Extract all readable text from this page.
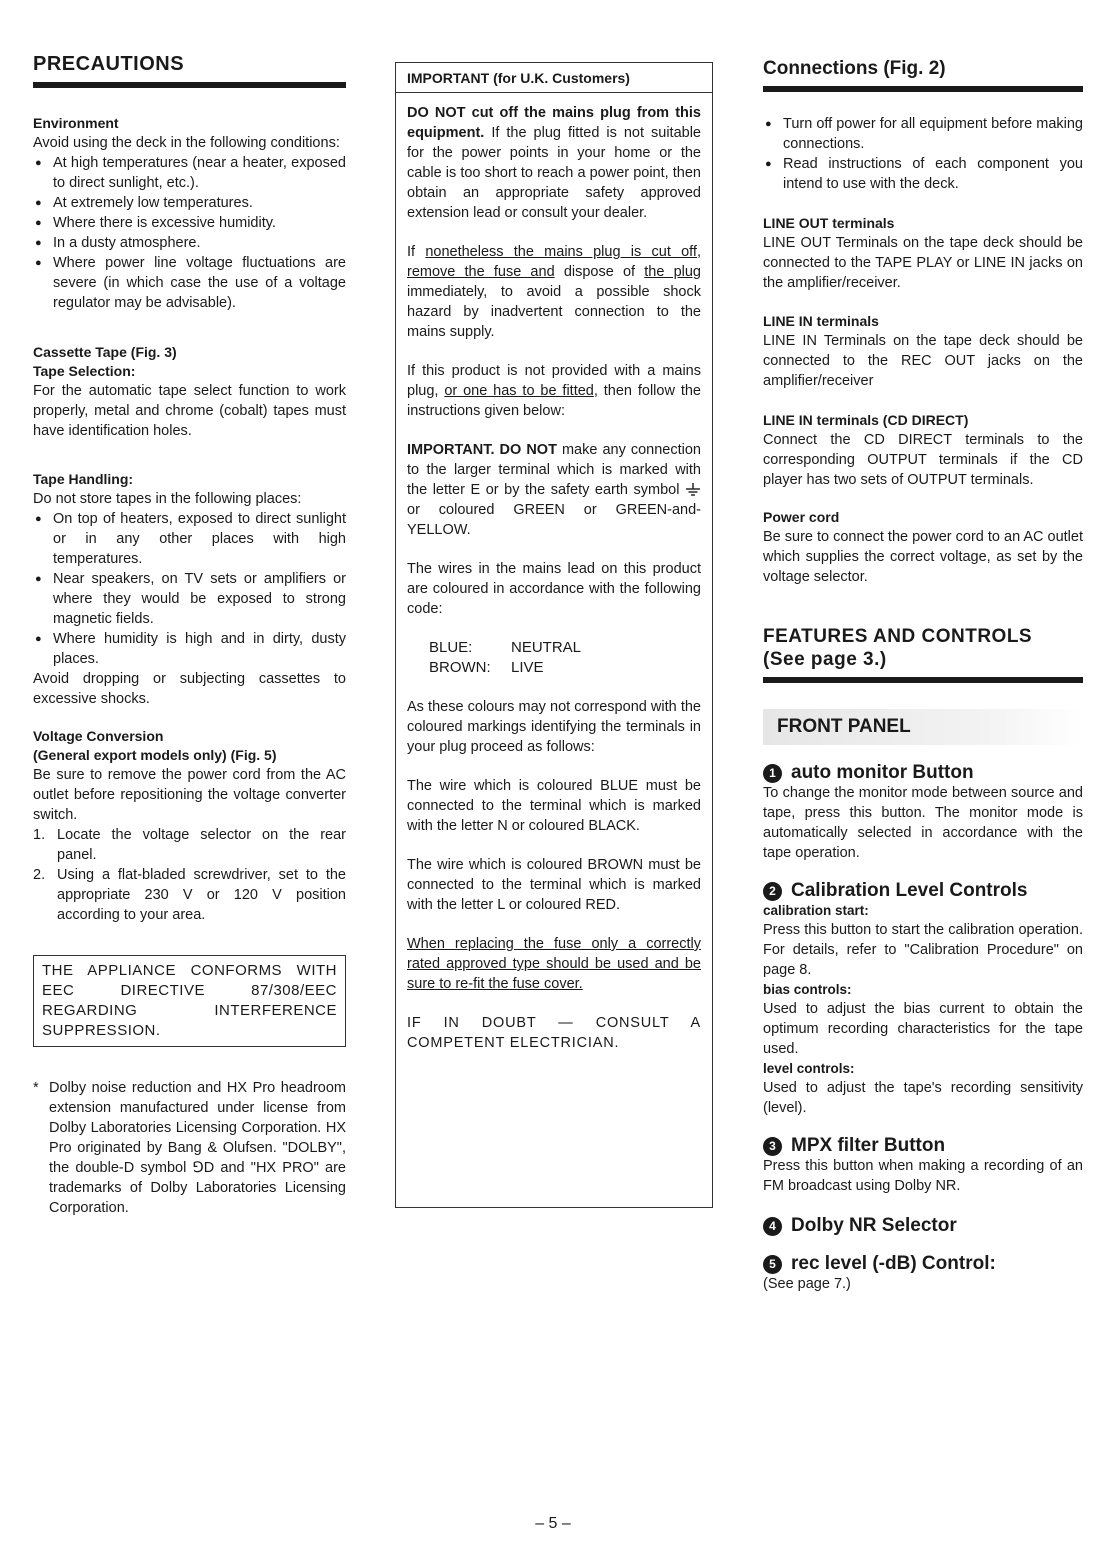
PRECAUTIONS

Environment

Avoid using the deck in the following conditions:

● At high temperatures (near a heater, exposed to direct sunlight, etc.).
● At extremely low temperatures.
● Where there is excessive humidity.
● In a dusty atmosphere.
● Where power line voltage fluctuations are severe (in which case the use of a voltage regulator may be advisable).

Cassette Tape (Fig. 3)

Tape Selection:

For the automatic tape select function to work properly, metal and chrome (cobalt) tapes must have identification holes.

Tape Handling:

Do not store tapes in the following places:

● On top of heaters, exposed to direct sunlight or in any other places with high temperatures.
● Near speakers, on TV sets or amplifiers or where they would be exposed to strong magnetic fields.
● Where humidity is high and in dirty, dusty places.

Avoid dropping or subjecting cassettes to excessive shocks.

Voltage Conversion

(General export models only) (Fig. 5)

Be sure to remove the power cord from the AC outlet before repositioning the voltage converter switch.

1. Locate the voltage selector on the rear panel.
2. Using a flat-bladed screwdriver, set to the appropriate 230 V or 120 V position according to your area.
THE APPLIANCE CONFORMS WITH EEC DIRECTIVE 87/308/EEC REGARDING INTERFERENCE SUPPRESSION.

* Dolby noise reduction and HX Pro headroom extension manufactured under license from Dolby Laboratories Licensing Corporation. HX Pro originated by Bang & Olufsen. "DOLBY", the double-D symbol ⅁D and "HX PRO" are trademarks of Dolby Laboratories Licensing Corporation.

IMPORTANT (for U.K. Customers)

DO NOT cut off the mains plug from this equipment. If the plug fitted is not suitable for the power points in your home or the cable is too short to reach a power point, then obtain an appropriate safety approved extension lead or consult your dealer.

If nonetheless the mains plug is cut off, remove the fuse and dispose of the plug immediately, to avoid a possible shock hazard by inadvertent connection to the mains supply.

If this product is not provided with a mains plug, or one has to be fitted, then follow the instructions given below:

IMPORTANT. DO NOT make any connection to the larger terminal which is marked with the letter E or by the safety earth symbol  or coloured GREEN or GREEN-and-YELLOW.

The wires in the mains lead on this product are coloured in accordance with the following code:

BLUE:	NEUTRAL
BROWN: LIVE

As these colours may not correspond with the coloured markings identifying the terminals in your plug proceed as follows:

The wire which is coloured BLUE must be connected to the terminal which is marked with the letter N or coloured BLACK.

The wire which is coloured BROWN must be connected to the terminal which is marked with the letter L or coloured RED.

When replacing the fuse only a correctly rated approved type should be used and be sure to re-fit the fuse cover.

IF IN DOUBT — CONSULT A COMPETENT ELECTRICIAN.

Connections (Fig. 2)
● Turn off power for all equipment before making connections.
● Read instructions of each component you intend to use with the deck.

LINE OUT terminals

LINE OUT Terminals on the tape deck should be connected to the TAPE PLAY or LINE IN jacks on the amplifier/receiver.

LINE IN terminals

LINE IN Terminals on the tape deck should be connected to the REC OUT jacks on the amplifier/receiver

LINE IN terminals (CD DIRECT)

Connect the CD DIRECT terminals to the corresponding OUTPUT terminals if the CD player has two sets of OUTPUT terminals.

Power cord

Be sure to connect the power cord to an AC outlet which supplies the correct voltage, as set by the voltage selector.

FEATURES AND CONTROLS
(See page 3.)
FRONT PANEL

1 auto monitor Button

To change the monitor mode between source and tape, press this button. The monitor mode is automatically selected in accordance with the tape operation.

2 Calibration Level Controls

calibration start:

Press this button to start the calibration operation. For details, refer to "Calibration Procedure" on page 8.

bias controls:

Used to adjust the bias current to obtain the optimum recording characteristics for the tape used.

level controls:

Used to adjust the tape's recording sensitivity (level).

3 MPX filter Button

Press this button when making a recording of an FM broadcast using Dolby NR.

4 Dolby NR Selector

5 rec level (-dB) Control:

(See page 7.)

– 5 –
